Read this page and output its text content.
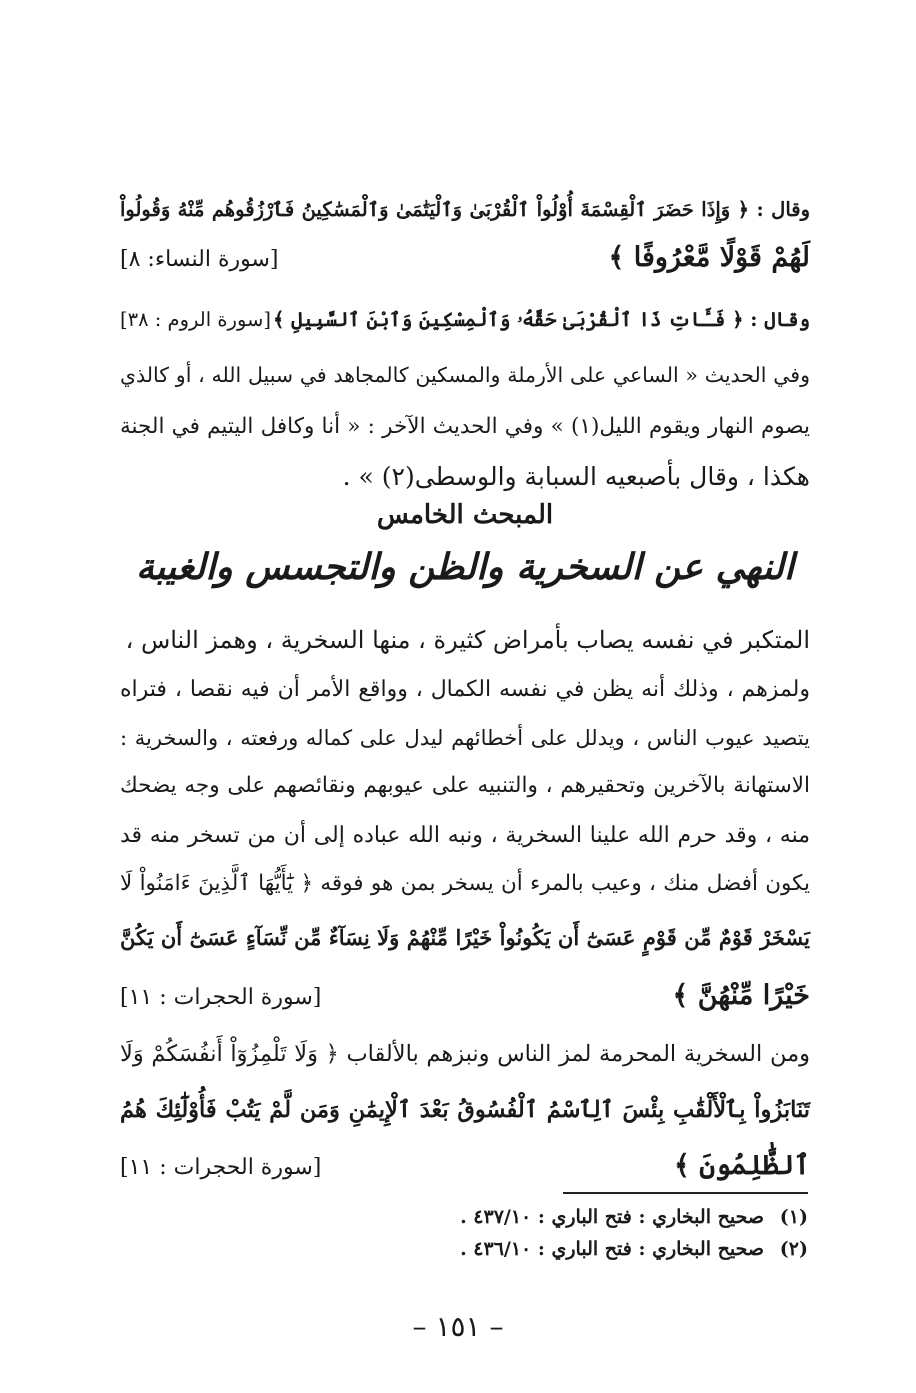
وقال : ﴿ وَإِذَا حَضَرَ ٱلْقِسْمَةَ أُوْلُواْ ٱلْقُرْبَىٰ وَٱلْيَتَٰمَىٰ وَٱلْمَسَٰكِينُ فَٱرْزُقُوهُم مِّنْهُ وَقُولُواْ
لَهُمْ قَوْلًا مَّعْرُوفًا ﴾
[سورة النساء: ٨]
وقال : ﴿ فَـَٔاتِ ذَا ٱلْقُرْبَىٰ حَقَّهُۥ وَٱلْمِسْكِينَ وَٱبْنَ ٱلسَّبِيلِ ﴾
[سورة الروم : ٣٨]
وفي الحديث « الساعي على الأرملة والمسكين كالمجاهد في سبيل الله ، أو كالذي
يصوم النهار ويقوم الليل(١) » وفي الحديث الآخر : « أنا وكافل اليتيم في الجنة
هكذا ، وقال بأصبعيه السبابة والوسطى(٢) » .
المبحث الخامس
النهي عن السخرية والظن والتجسس والغيبة
المتكبر في نفسه يصاب بأمراض كثيرة ، منها السخرية ، وهمز الناس ،
ولمزهم ، وذلك أنه يظن في نفسه الكمال ، وواقع الأمر أن فيه نقصا ، فتراه
يتصيد عيوب الناس ، ويدلل على أخطائهم ليدل على كماله ورفعته ، والسخرية :
الاستهانة بالآخرين وتحقيرهم ، والتنبيه على عيوبهم ونقائصهم على وجه يضحك
منه ، وقد حرم الله علينا السخرية ، ونبه الله عباده إلى أن من تسخر منه قد
يكون أفضل منك ، وعيب بالمرء أن يسخر بمن هو فوقه ﴿ يَٰٓأَيُّهَا ٱلَّذِينَ ءَامَنُواْ لَا
يَسْخَرْ قَوْمٌ مِّن قَوْمٍ عَسَىٰٓ أَن يَكُونُواْ خَيْرًا مِّنْهُمْ وَلَا نِسَآءٌ مِّن نِّسَآءٍ عَسَىٰٓ أَن يَكُنَّ
خَيْرًا مِّنْهُنَّ ﴾
[سورة الحجرات : ١١]
ومن السخرية المحرمة لمز الناس ونبزهم بالألقاب ﴿ وَلَا تَلْمِزُوٓاْ أَنفُسَكُمْ وَلَا
تَنَابَزُواْ بِٱلْأَلْقَٰبِ بِئْسَ ٱلِٱسْمُ ٱلْفُسُوقُ بَعْدَ ٱلْإِيمَٰنِ وَمَن لَّمْ يَتُبْ فَأُوْلَٰٓئِكَ هُمُ
ٱلظَّٰلِمُونَ ﴾
[سورة الحجرات : ١١]
(١)صحيح البخاري : فتح الباري : ٤٣٧/١٠ .
(٢)صحيح البخاري : فتح الباري : ٤٣٦/١٠ .
– ١٥١ –
